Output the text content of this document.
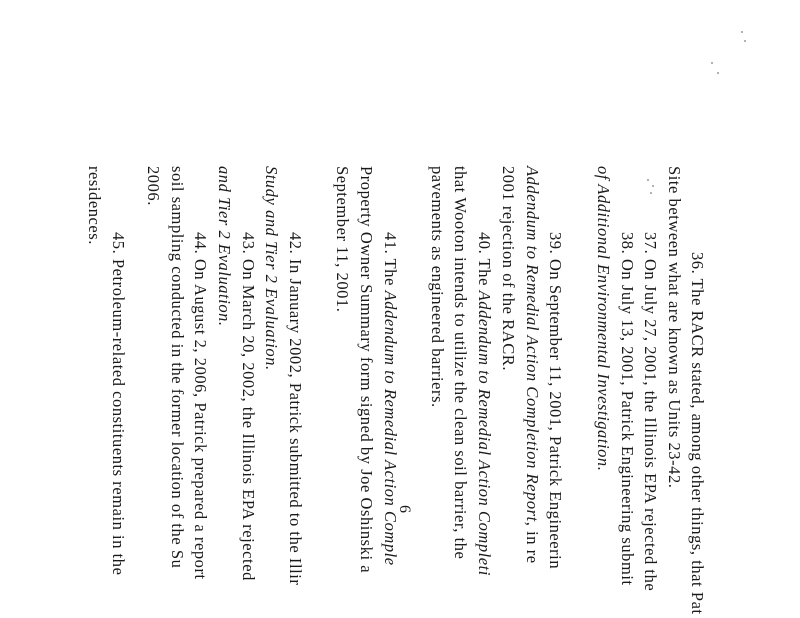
36. The RACR stated, among other things, that Pat
Site between what are known as Units 23-42.
37. On July 27, 2001, the Illinois EPA rejected the
38. On July 13, 2001, Patrick Engineering submit
of Additional Environmental Investigation.
39. On September 11, 2001, Patrick Engineerin
Addendum to Remedial Action Completion Report, in re
2001 rejection of the RACR.
40. The Addendum to Remedial Action Completi
that Wooton intends to utilize the clean soil barrier, the
pavements as engineered barriers.
41. The Addendum to Remedial Action Comple
Property Owner Summary form signed by Joe Oshinski a
September 11, 2001.
42. In January 2002, Patrick submitted to the Illir
Study and Tier 2 Evaluation.
43. On March 20, 2002, the Illinois EPA rejected
and Tier 2 Evaluation.
44. On August 2, 2006, Patrick prepared a report
soil sampling conducted in the former location of the Su
2006.
45. Petroleum-related constituents remain in the
residences.
6
